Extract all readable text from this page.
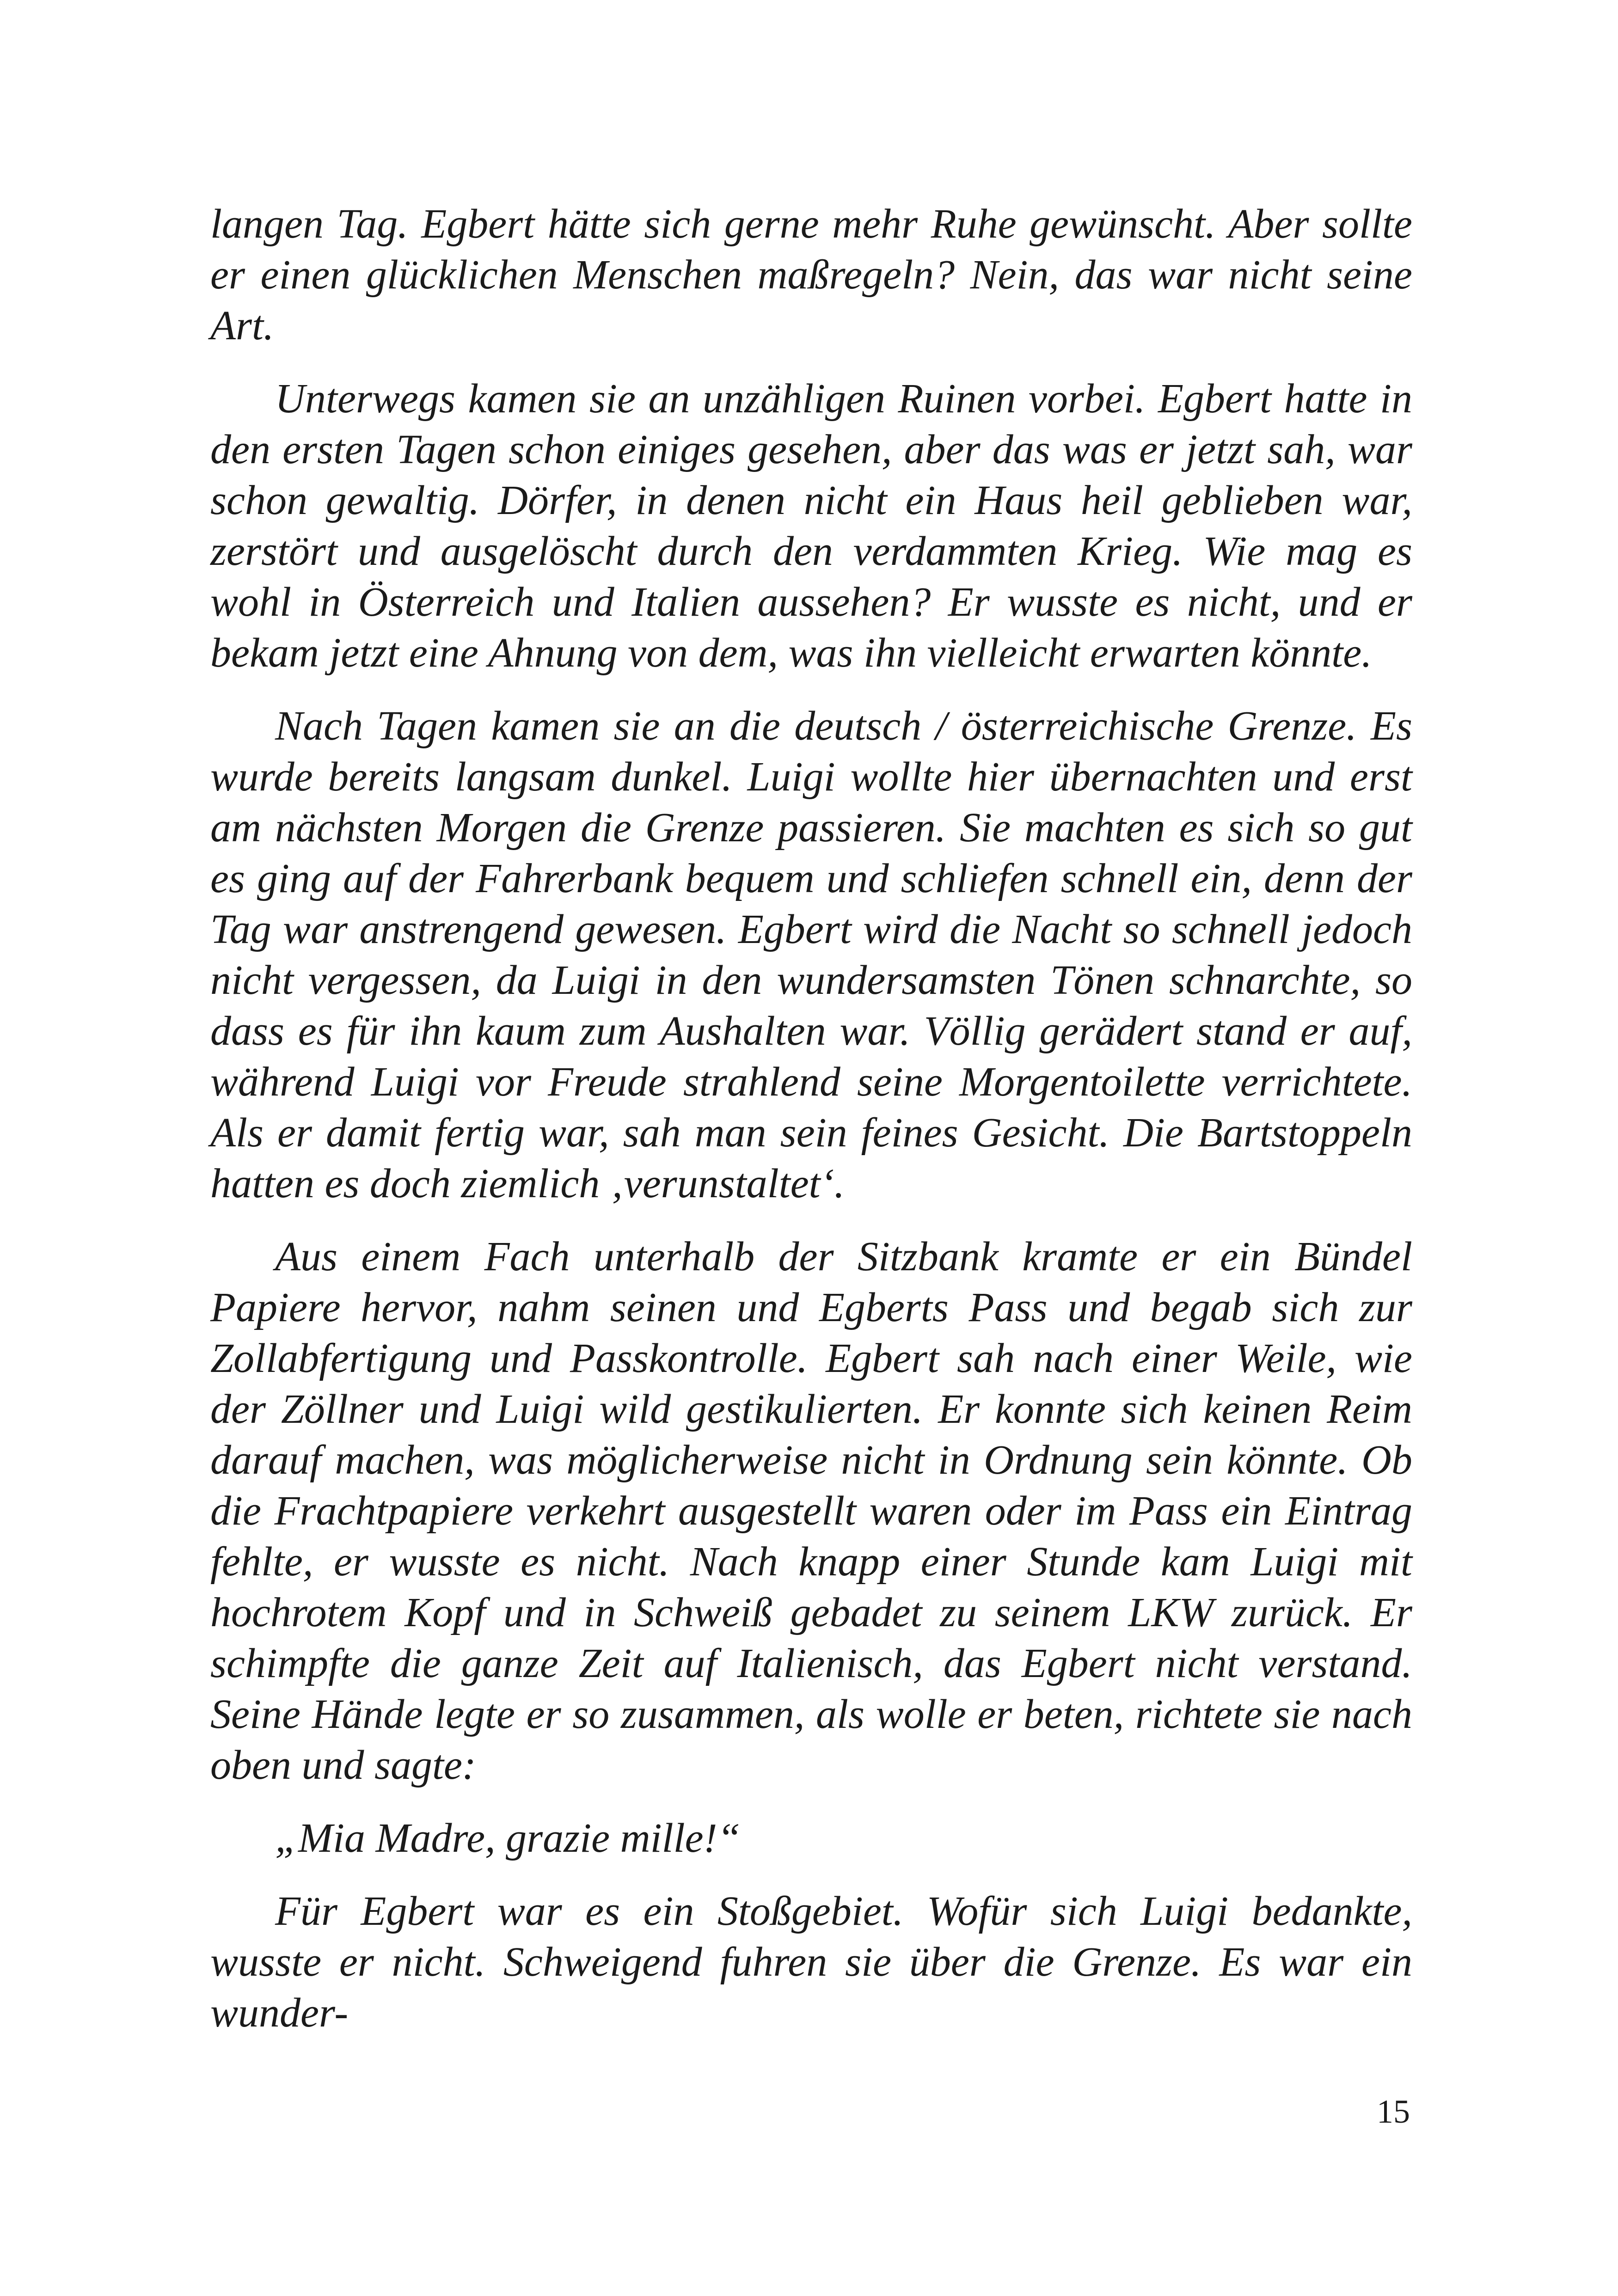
langen Tag. Egbert hätte sich gerne mehr Ruhe gewünscht. Aber sollte er einen glücklichen Menschen maßregeln? Nein, das war nicht seine Art.

Unterwegs kamen sie an unzähligen Ruinen vorbei. Egbert hatte in den ersten Tagen schon einiges gesehen, aber das was er jetzt sah, war schon gewaltig. Dörfer, in denen nicht ein Haus heil geblieben war, zerstört und ausgelöscht durch den verdammten Krieg. Wie mag es wohl in Österreich und Italien aussehen? Er wusste es nicht, und er bekam jetzt eine Ahnung von dem, was ihn vielleicht erwarten könnte.

Nach Tagen kamen sie an die deutsch / österreichische Grenze. Es wurde bereits langsam dunkel. Luigi wollte hier übernachten und erst am nächsten Morgen die Grenze passieren. Sie machten es sich so gut es ging auf der Fahrerbank bequem und schliefen schnell ein, denn der Tag war anstrengend gewesen. Egbert wird die Nacht so schnell jedoch nicht vergessen, da Luigi in den wundersamsten Tönen schnarchte, so dass es für ihn kaum zum Aushalten war. Völlig gerädert stand er auf, während Luigi vor Freude strahlend seine Morgentoilette verrichtete. Als er damit fertig war, sah man sein feines Gesicht. Die Bartstoppeln hatten es doch ziemlich ‚verunstaltet‘.

Aus einem Fach unterhalb der Sitzbank kramte er ein Bündel Papiere hervor, nahm seinen und Egberts Pass und begab sich zur Zollabfertigung und Passkontrolle. Egbert sah nach einer Weile, wie der Zöllner und Luigi wild gestikulierten. Er konnte sich keinen Reim darauf machen, was möglicherweise nicht in Ordnung sein könnte. Ob die Frachtpapiere verkehrt ausgestellt waren oder im Pass ein Eintrag fehlte, er wusste es nicht. Nach knapp einer Stunde kam Luigi mit hochrotem Kopf und in Schweiß gebadet zu seinem LKW zurück. Er schimpfte die ganze Zeit auf Italienisch, das Egbert nicht verstand. Seine Hände legte er so zusammen, als wolle er beten, richtete sie nach oben und sagte:

„Mia Madre, grazie mille!“

Für Egbert war es ein Stoßgebiet. Wofür sich Luigi bedankte, wusste er nicht. Schweigend fuhren sie über die Grenze. Es war ein wunder-

15
